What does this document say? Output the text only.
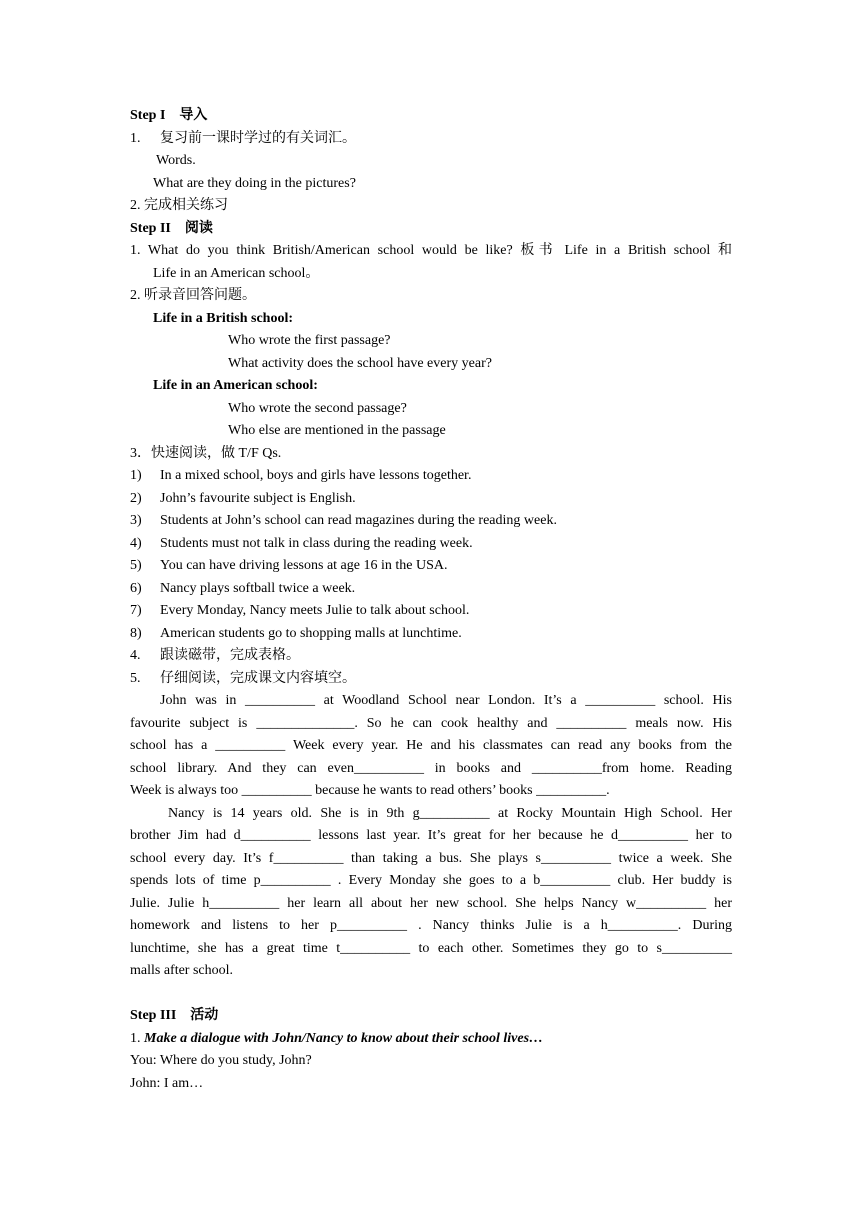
Step I　导入
1. 复习前一课时学过的有关词汇。
Words.
What are they doing in the pictures?
2. 完成相关练习
Step II　阅读
1. What do you think British/American school would be like? 板书 Life in a British school 和
Life in an American school。
2. 听录音回答问题。
Life in a British school:
Who wrote the first passage?
What activity does the school have every year?
Life in an American school:
Who wrote the second passage?
Who else are mentioned in the passage
3．快速阅读，做 T/F Qs.
1) In a mixed school, boys and girls have lessons together.
2) John’s favourite subject is English.
3) Students at John’s school can read magazines during the reading week.
4) Students must not talk in class during the reading week.
5) You can have driving lessons at age 16 in the USA.
6) Nancy plays softball twice a week.
7) Every Monday, Nancy meets Julie to talk about school.
8) American students go to shopping malls at lunchtime.
4. 跟读磁带，完成表格。
5. 仔细阅读，完成课文内容填空。
John was in __________ at Woodland School near London. It’s a __________ school. His
favourite subject is ______________. So he can cook healthy and __________ meals now. His
school has a __________ Week every year. He and his classmates can read any books from the
school library. And they can even__________ in books and __________from home. Reading
Week is always too __________ because he wants to read others’ books __________.
Nancy is 14 years old. She is in 9th g__________ at Rocky Mountain High School. Her
brother Jim had d__________ lessons last year. It’s great for her because he d__________ her to
school every day. It’s f__________ than taking a bus. She plays s__________ twice a week. She
spends lots of time p__________ . Every Monday she goes to a b__________ club. Her buddy is
Julie. Julie h__________ her learn all about her new school. She helps Nancy w__________ her
homework and listens to her p__________ . Nancy thinks Julie is a h__________. During
lunchtime, she has a great time t__________ to each other. Sometimes they go to s__________
malls after school.
Step III　活动
1. Make a dialogue with John/Nancy to know about their school lives…
You: Where do you study, John?
John: I am…
